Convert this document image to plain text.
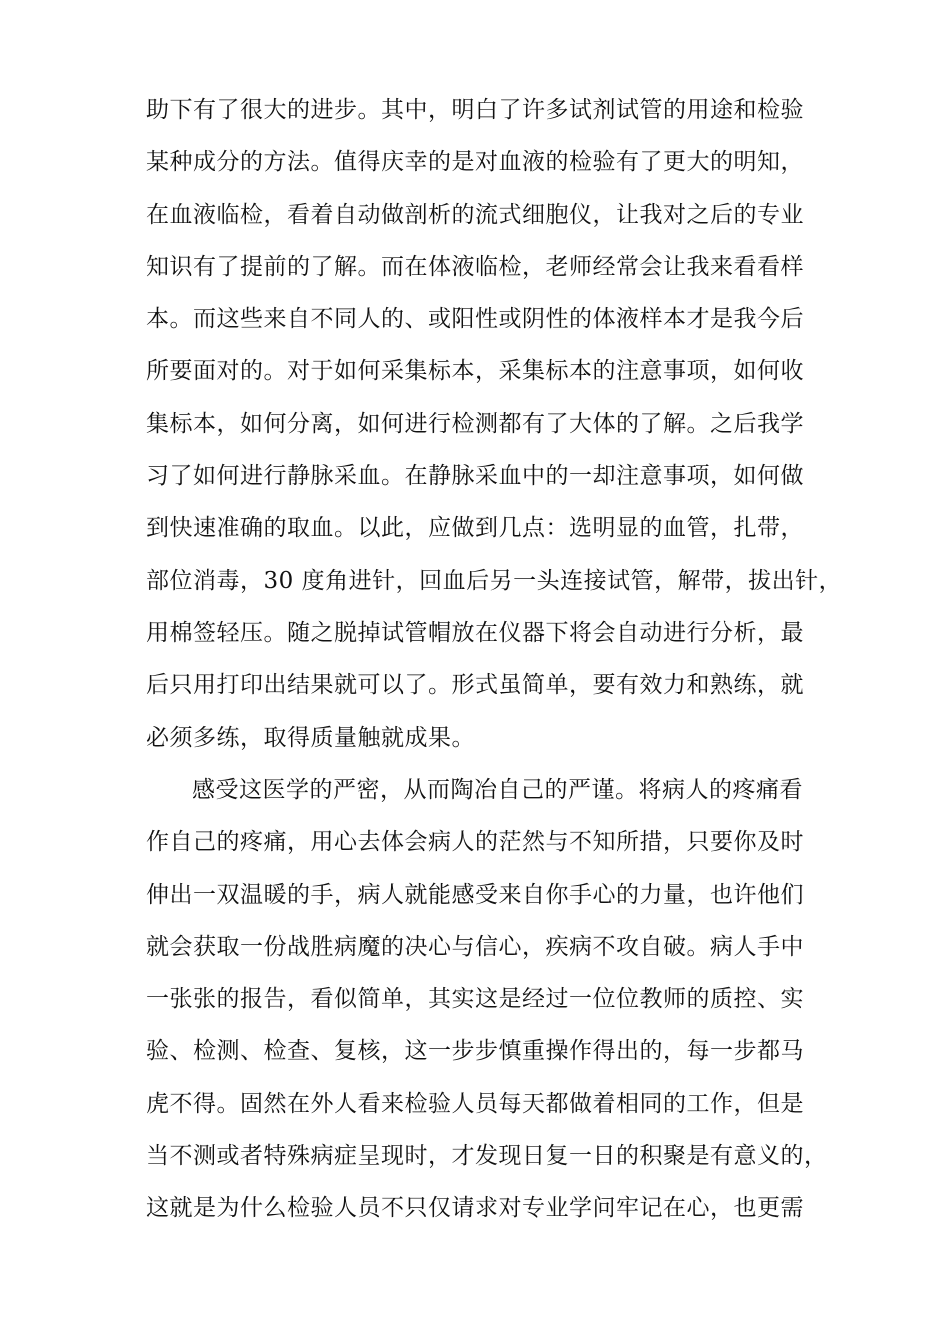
助下有了很大的进步。其中，明白了许多试剂试管的用途和检验
某种成分的方法。值得庆幸的是对血液的检验有了更大的明知，
在血液临检，看着自动做剖析的流式细胞仪，让我对之后的专业
知识有了提前的了解。而在体液临检，老师经常会让我来看看样
本。而这些来自不同人的、或阳性或阴性的体液样本才是我今后
所要面对的。对于如何采集标本，采集标本的注意事项，如何收
集标本，如何分离，如何进行检测都有了大体的了解。之后我学
习了如何进行静脉采血。在静脉采血中的一却注意事项，如何做
到快速准确的取血。以此，应做到几点：选明显的血管，扎带，
部位消毒，30 度角进针，回血后另一头连接试管，解带，拔出针，
用棉签轻压。随之脱掉试管帽放在仪器下将会自动进行分析，最
后只用打印出结果就可以了。形式虽简单，要有效力和熟练，就
必须多练，取得质量触就成果。
感受这医学的严密，从而陶冶自己的严谨。将病人的疼痛看
作自己的疼痛，用心去体会病人的茫然与不知所措，只要你及时
伸出一双温暖的手，病人就能感受来自你手心的力量，也许他们
就会获取一份战胜病魔的决心与信心，疾病不攻自破。病人手中
一张张的报告，看似简单，其实这是经过一位位教师的质控、实
验、检测、检查、复核，这一步步慎重操作得出的，每一步都马
虎不得。固然在外人看来检验人员每天都做着相同的工作，但是
当不测或者特殊病症呈现时，才发现日复一日的积聚是有意义的，
这就是为什么检验人员不只仅请求对专业学问牢记在心，也更需
